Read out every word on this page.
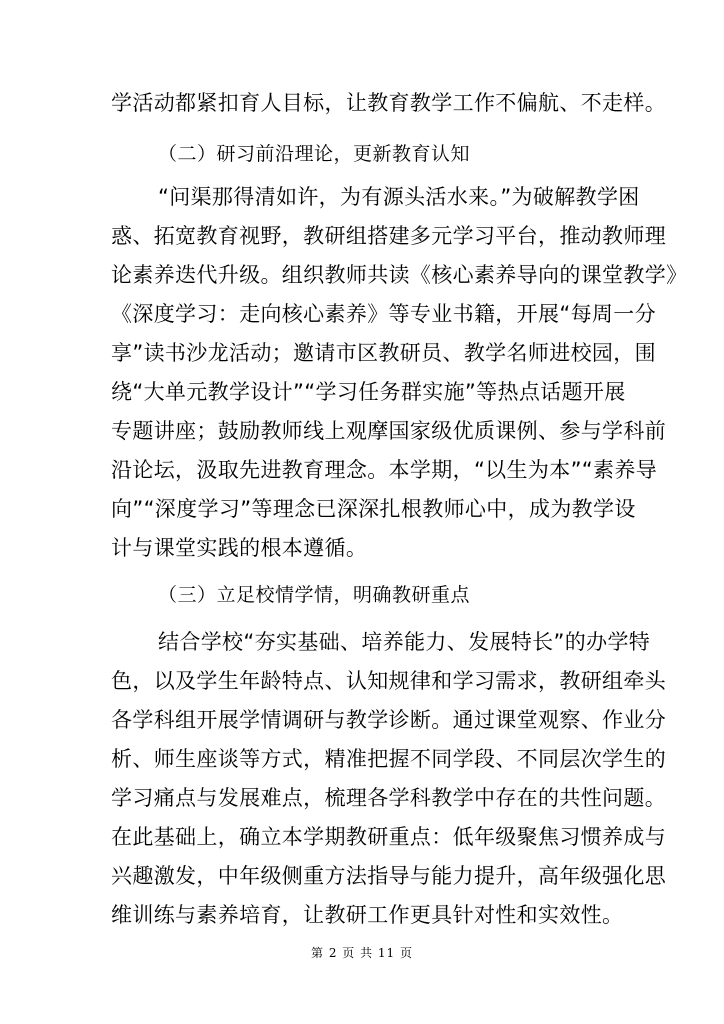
学活动都紧扣育人目标，让教育教学工作不偏航、不走样。
（二）研习前沿理论，更新教育认知
“问渠那得清如许，为有源头活水来。”为破解教学困
惑、拓宽教育视野，教研组搭建多元学习平台，推动教师理
论素养迭代升级。组织教师共读《核心素养导向的课堂教学》
《深度学习：走向核心素养》等专业书籍，开展“每周一分
享”读书沙龙活动；邀请市区教研员、教学名师进校园，围
绕“大单元教学设计”“学习任务群实施”等热点话题开展
专题讲座；鼓励教师线上观摩国家级优质课例、参与学科前
沿论坛，汲取先进教育理念。本学期，“以生为本”“素养导
向”“深度学习”等理念已深深扎根教师心中，成为教学设
计与课堂实践的根本遵循。
（三）立足校情学情，明确教研重点
结合学校“夯实基础、培养能力、发展特长”的办学特
色，以及学生年龄特点、认知规律和学习需求，教研组牵头
各学科组开展学情调研与教学诊断。通过课堂观察、作业分
析、师生座谈等方式，精准把握不同学段、不同层次学生的
学习痛点与发展难点，梳理各学科教学中存在的共性问题。
在此基础上，确立本学期教研重点：低年级聚焦习惯养成与
兴趣激发，中年级侧重方法指导与能力提升，高年级强化思
维训练与素养培育，让教研工作更具针对性和实效性。
第 2 页 共 11 页
